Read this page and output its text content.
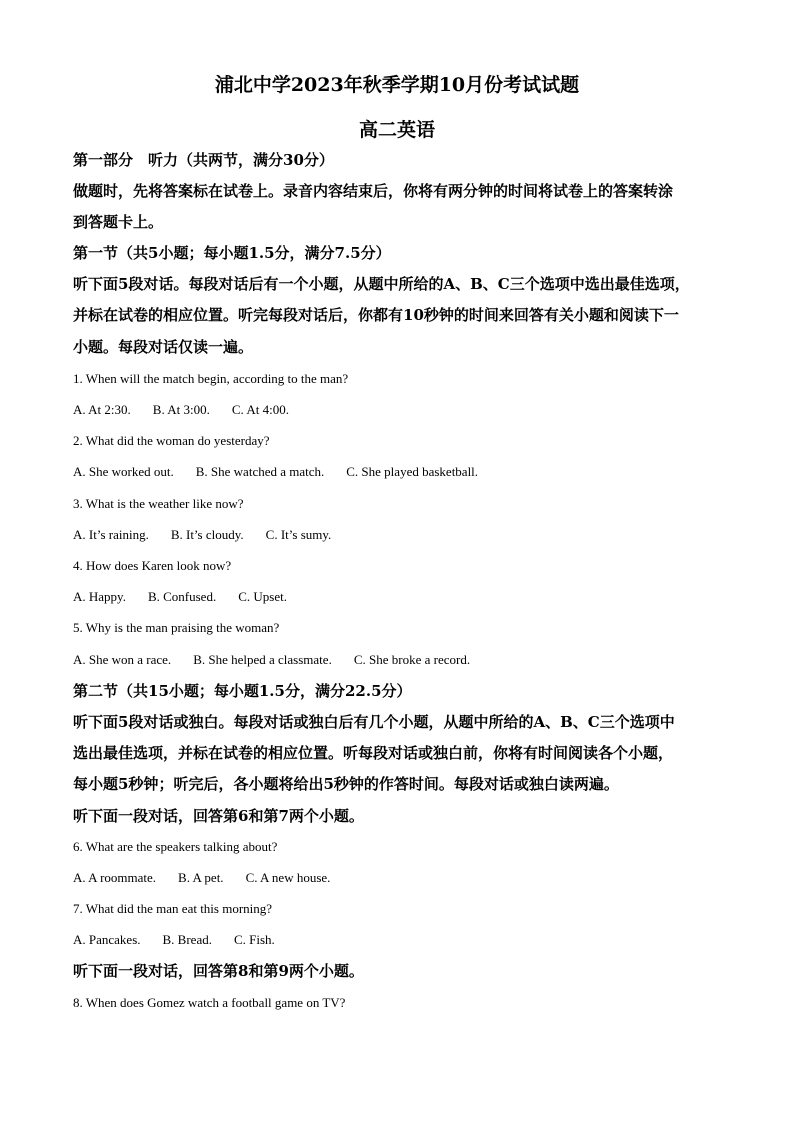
浦北中学2023年秋季学期10月份考试试题
高二英语

第一部分　听力（共两节，满分30分）

做题时，先将答案标在试卷上。录音内容结束后，你将有两分钟的时间将试卷上的答案转涂

到答题卡上。

第一节（共5小题；每小题1.5分，满分7.5分）

听下面5段对话。每段对话后有一个小题，从题中所给的A、B、C三个选项中选出最佳选项，

并标在试卷的相应位置。听完每段对话后，你都有10秒钟的时间来回答有关小题和阅读下一

小题。每段对话仅读一遍。

1. When will the match begin, according to the man?

A. At 2:30. B. At 3:00. C. At 4:00.

2. What did the woman do yesterday?

A. She worked out. B. She watched a match. C. She played basketball.

3. What is the weather like now?

A. It’s raining. B. It’s cloudy. C. It’s sumy.

4. How does Karen look now?

A. Happy. B. Confused. C. Upset.

5. Why is the man praising the woman?

A. She won a race. B. She helped a classmate. C. She broke a record.

第二节（共15小题；每小题1.5分，满分22.5分）

听下面5段对话或独白。每段对话或独白后有几个小题，从题中所给的A、B、C三个选项中

选出最佳选项，并标在试卷的相应位置。听每段对话或独白前，你将有时间阅读各个小题，

每小题5秒钟；听完后，各小题将给出5秒钟的作答时间。每段对话或独白读两遍。

听下面一段对话，回答第6和第7两个小题。

6. What are the speakers talking about?

A. A roommate. B. A pet. C. A new house.

7. What did the man eat this morning?

A. Pancakes. B. Bread. C. Fish.

听下面一段对话，回答第8和第9两个小题。

8. When does Gomez watch a football game on TV?
